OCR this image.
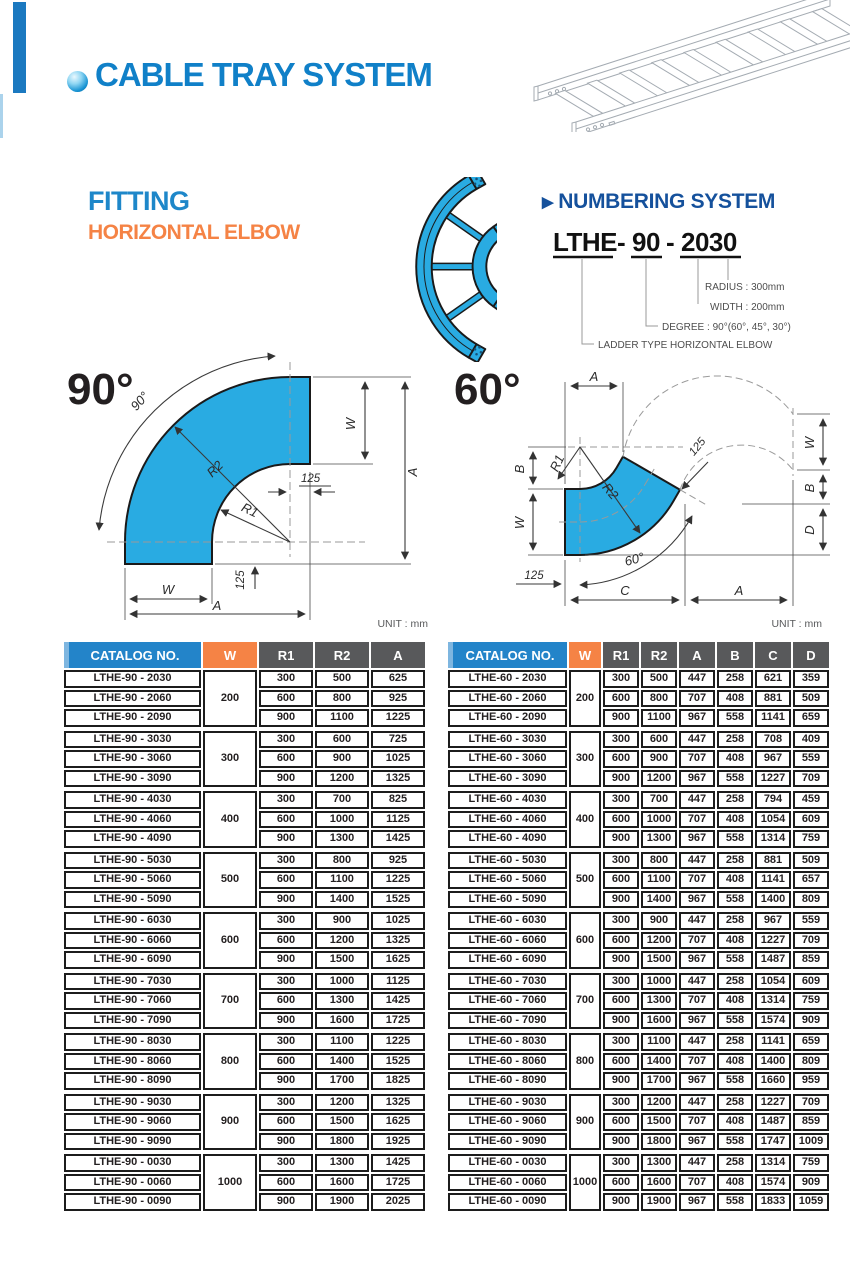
CABLE TRAY SYSTEM
FITTING
HORIZONTAL ELBOW
▶ NUMBERING SYSTEM
LTHE - 90 - 2030
RADIUS : 300mm
WIDTH : 200mm
DEGREE : 90°(60°, 45°, 30°)
LADDER TYPE HORIZONTAL ELBOW
90°
90°
R2
R1
W
A
125
125
W
A
60°	A
B
W
W
B
D
C	A
R1
R2
125
125
60°
UNIT : mm	UNIT : mm
CATALOG NO.	W	R1	R2	A
LTHE-90 - 2030	200	300	500	625
LTHE-90 - 2060		600	800	925
LTHE-90 - 2090		900	1100	1225

LTHE-90 - 3030	300	300	600	725
LTHE-90 - 3060		600	900	1025
LTHE-90 - 3090		900	1200	1325

LTHE-90 - 4030	400	300	700	825
LTHE-90 - 4060		600	1000	1125
LTHE-90 - 4090		900	1300	1425

LTHE-90 - 5030	500	300	800	925
LTHE-90 - 5060		600	1100	1225
LTHE-90 - 5090		900	1400	1525

LTHE-90 - 6030	600	300	900	1025
LTHE-90 - 6060		600	1200	1325
LTHE-90 - 6090		900	1500	1625

LTHE-90 - 7030	700	300	1000	1125
LTHE-90 - 7060		600	1300	1425
LTHE-90 - 7090		900	1600	1725

LTHE-90 - 8030	800	300	1100	1225
LTHE-90 - 8060		600	1400	1525
LTHE-90 - 8090		900	1700	1825

LTHE-90 - 9030	900	300	1200	1325
LTHE-90 - 9060		600	1500	1625
LTHE-90 - 9090		900	1800	1925

LTHE-90 - 0030	1000	300	1300	1425
LTHE-90 - 0060		600	1600	1725
LTHE-90 - 0090		900	1900	2025
CATALOG NO.	W	R1	R2	A	B	C	D
LTHE-60 - 2030	200	300	500	447	258	621	359
LTHE-60 - 2060		600	800	707	408	881	509
LTHE-60 - 2090		900	1100	967	558	1141	659

LTHE-60 - 3030	300	300	600	447	258	708	409
LTHE-60 - 3060		600	900	707	408	967	559
LTHE-60 - 3090		900	1200	967	558	1227	709

LTHE-60 - 4030	400	300	700	447	258	794	459
LTHE-60 - 4060		600	1000	707	408	1054	609
LTHE-60 - 4090		900	1300	967	558	1314	759

LTHE-60 - 5030	500	300	800	447	258	881	509
LTHE-60 - 5060		600	1100	707	408	1141	657
LTHE-60 - 5090		900	1400	967	558	1400	809

LTHE-60 - 6030	600	300	900	447	258	967	559
LTHE-60 - 6060		600	1200	707	408	1227	709
LTHE-60 - 6090		900	1500	967	558	1487	859

LTHE-60 - 7030	700	300	1000	447	258	1054	609
LTHE-60 - 7060		600	1300	707	408	1314	759
LTHE-60 - 7090		900	1600	967	558	1574	909

LTHE-60 - 8030	800	300	1100	447	258	1141	659
LTHE-60 - 8060		600	1400	707	408	1400	809
LTHE-60 - 8090		900	1700	967	558	1660	959

LTHE-60 - 9030	900	300	1200	447	258	1227	709
LTHE-60 - 9060		600	1500	707	408	1487	859
LTHE-60 - 9090		900	1800	967	558	1747	1009

LTHE-60 - 0030	1000	300	1300	447	258	1314	759
LTHE-60 - 0060		600	1600	707	408	1574	909
LTHE-60 - 0090		900	1900	967	558	1833	1059
